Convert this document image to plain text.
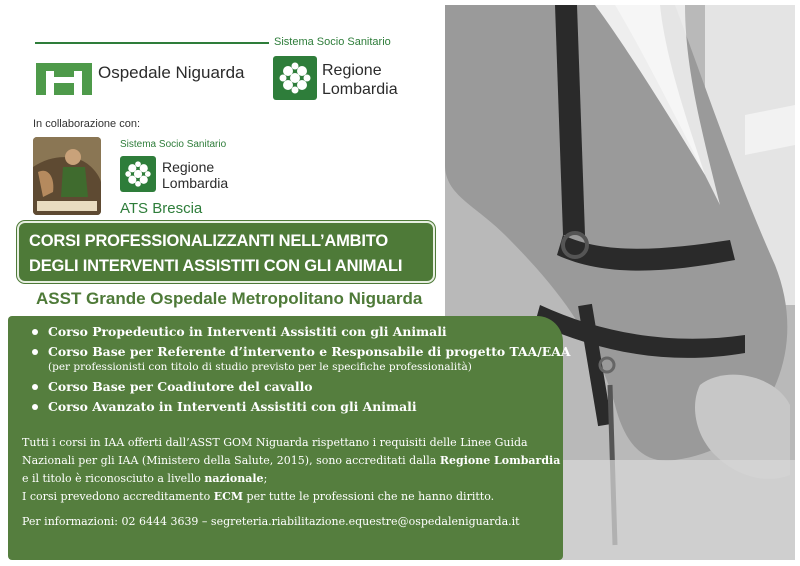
Sistema Socio Sanitario
Ospedale Niguarda	Regione
Lombardia
In collaborazione con:
Sistema Socio Sanitario
Regione
Lombardia
ATS Brescia
CORSI PROFESSIONALIZZANTI NELL’AMBITO
DEGLI INTERVENTI ASSISTITI CON GLI ANIMALI
ASST Grande Ospedale Metropolitano Niguarda
Corso Propedeutico in Interventi Assistiti con gli Animali
Corso Base per Referente d’intervento e Responsabile di progetto TAA/EAA
(per professionisti con titolo di studio previsto per le specifiche professionalità)
Corso Base per Coadiutore del cavallo
Corso Avanzato in Interventi Assistiti con gli Animali
Tutti i corsi in IAA offerti dall’ASST GOM Niguarda rispettano i requisiti delle Linee Guida
Nazionali per gli IAA (Ministero della Salute, 2015), sono accreditati dalla Regione Lombardia
e il titolo è riconosciuto a livello nazionale;
I corsi prevedono accreditamento ECM per tutte le professioni che ne hanno diritto.
Per informazioni: 02 6444 3639 – segreteria.riabilitazione.equestre@ospedaleniguarda.it
